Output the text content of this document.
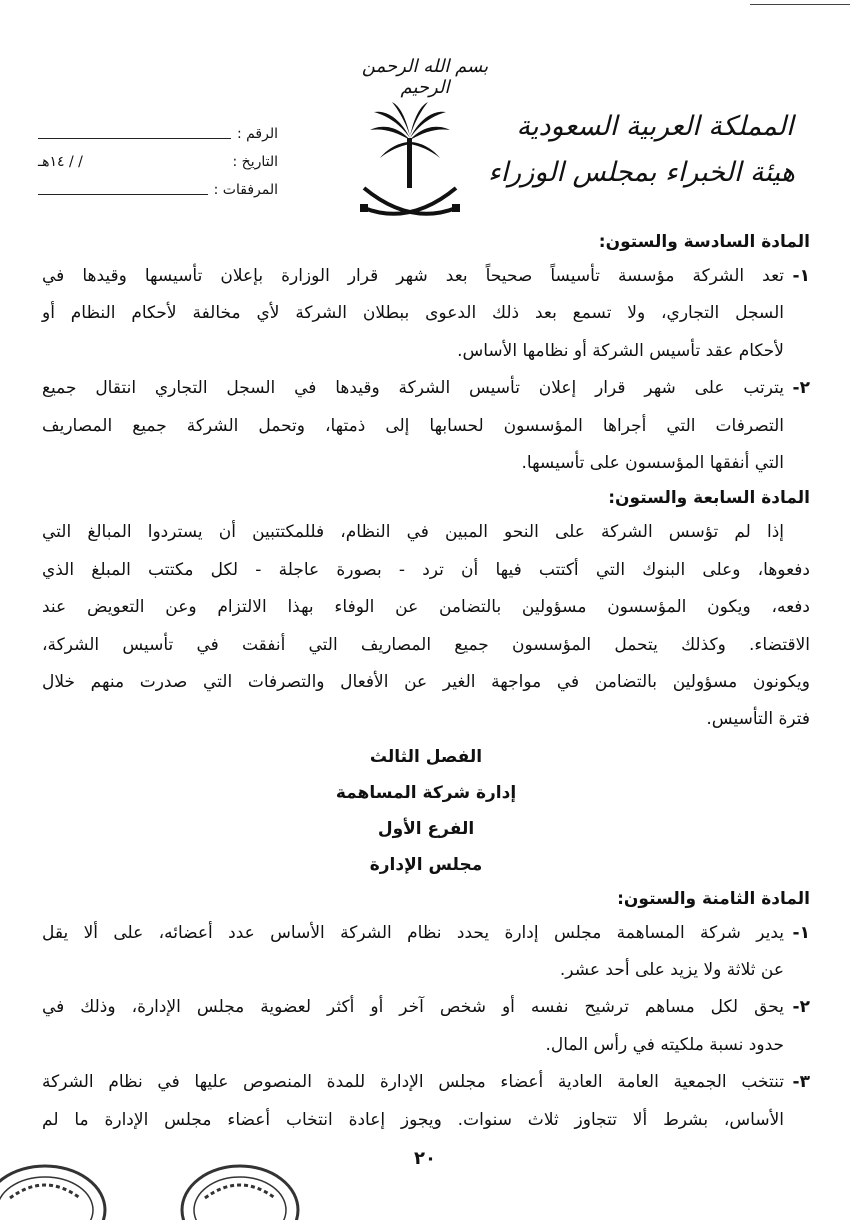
بسم الله الرحمن الرحيم
المملكة العربية السعودية
هيئة الخبراء بمجلس الوزراء
الرقم :
التاريخ :
/ / ١٤هـ
المرفقات :
المادة السادسة والستون:
١-
تعد الشركة مؤسسة تأسيساً صحيحاً بعد شهر قرار الوزارة بإعلان تأسيسها وقيدها في
السجل التجاري، ولا تسمع بعد ذلك الدعوى ببطلان الشركة لأي مخالفة لأحكام النظام أو
لأحكام عقد تأسيس الشركة أو نظامها الأساس.
٢-
يترتب على شهر قرار إعلان تأسيس الشركة وقيدها في السجل التجاري انتقال جميع
التصرفات التي أجراها المؤسسون لحسابها إلى ذمتها، وتحمل الشركة جميع المصاريف
التي أنفقها المؤسسون على تأسيسها.
المادة السابعة والستون:
إذا لم تؤسس الشركة على النحو المبين في النظام، فللمكتتبين أن يستردوا المبالغ التي
دفعوها، وعلى البنوك التي أكتتب فيها أن ترد - بصورة عاجلة - لكل مكتتب المبلغ الذي
دفعه، ويكون المؤسسون مسؤولين بالتضامن عن الوفاء بهذا الالتزام وعن التعويض عند
الاقتضاء. وكذلك يتحمل المؤسسون جميع المصاريف التي أنفقت في تأسيس الشركة،
ويكونون مسؤولين بالتضامن في مواجهة الغير عن الأفعال والتصرفات التي صدرت منهم خلال
فترة التأسيس.
الفصل الثالث
إدارة شركة المساهمة
الفرع الأول
مجلس الإدارة
المادة الثامنة والستون:
١-
يدير شركة المساهمة مجلس إدارة يحدد نظام الشركة الأساس عدد أعضائه، على ألا يقل
عن ثلاثة ولا يزيد على أحد عشر.
٢-
يحق لكل مساهم ترشيح نفسه أو شخص آخر أو أكثر لعضوية مجلس الإدارة، وذلك في
حدود نسبة ملكيته في رأس المال.
٣-
تنتخب الجمعية العامة العادية أعضاء مجلس الإدارة للمدة المنصوص عليها في نظام الشركة
الأساس، بشرط ألا تتجاوز ثلاث سنوات. ويجوز إعادة انتخاب أعضاء مجلس الإدارة ما لم
٢٠
